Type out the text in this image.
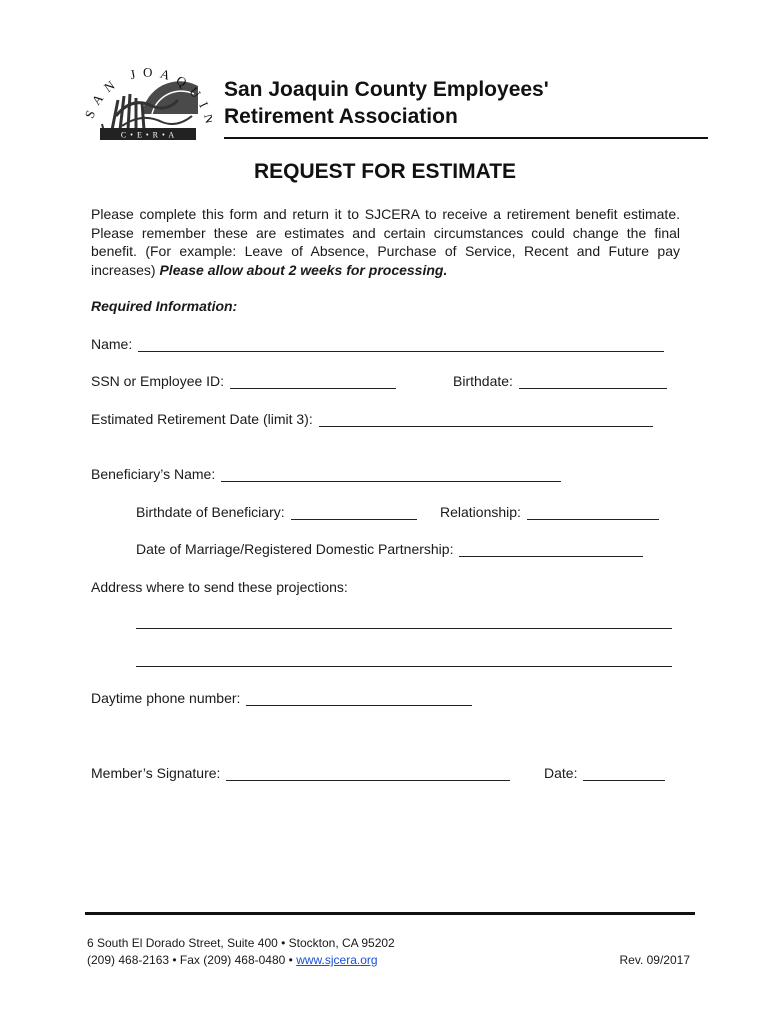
C • E • R • A
SAN JOAQU San Joaquin County Employees'
Retirement Association
REQUEST FOR ESTIMATE
Please complete this form and return it to SJCERA to receive a retirement benefit estimate. Please remember these are estimates and certain circumstances could change the final benefit. (For example: Leave of Absence, Purchase of Service, Recent and Future pay increases) Please allow about 2 weeks for processing.
Required Information:
Name:
SSN or Employee ID:	Birthdate:
Estimated Retirement Date (limit 3):
Beneficiary’s Name:
Birthdate of Beneficiary:	Relationship:
Date of Marriage/Registered Domestic Partnership:
Address where to send these projections:
Daytime phone number:
Member’s Signature:	Date:
6 South El Dorado Street, Suite 400 • Stockton, CA 95202
(209) 468-2163 • Fax (209) 468-0480 • www.sjcera.org	Rev. 09/2017
